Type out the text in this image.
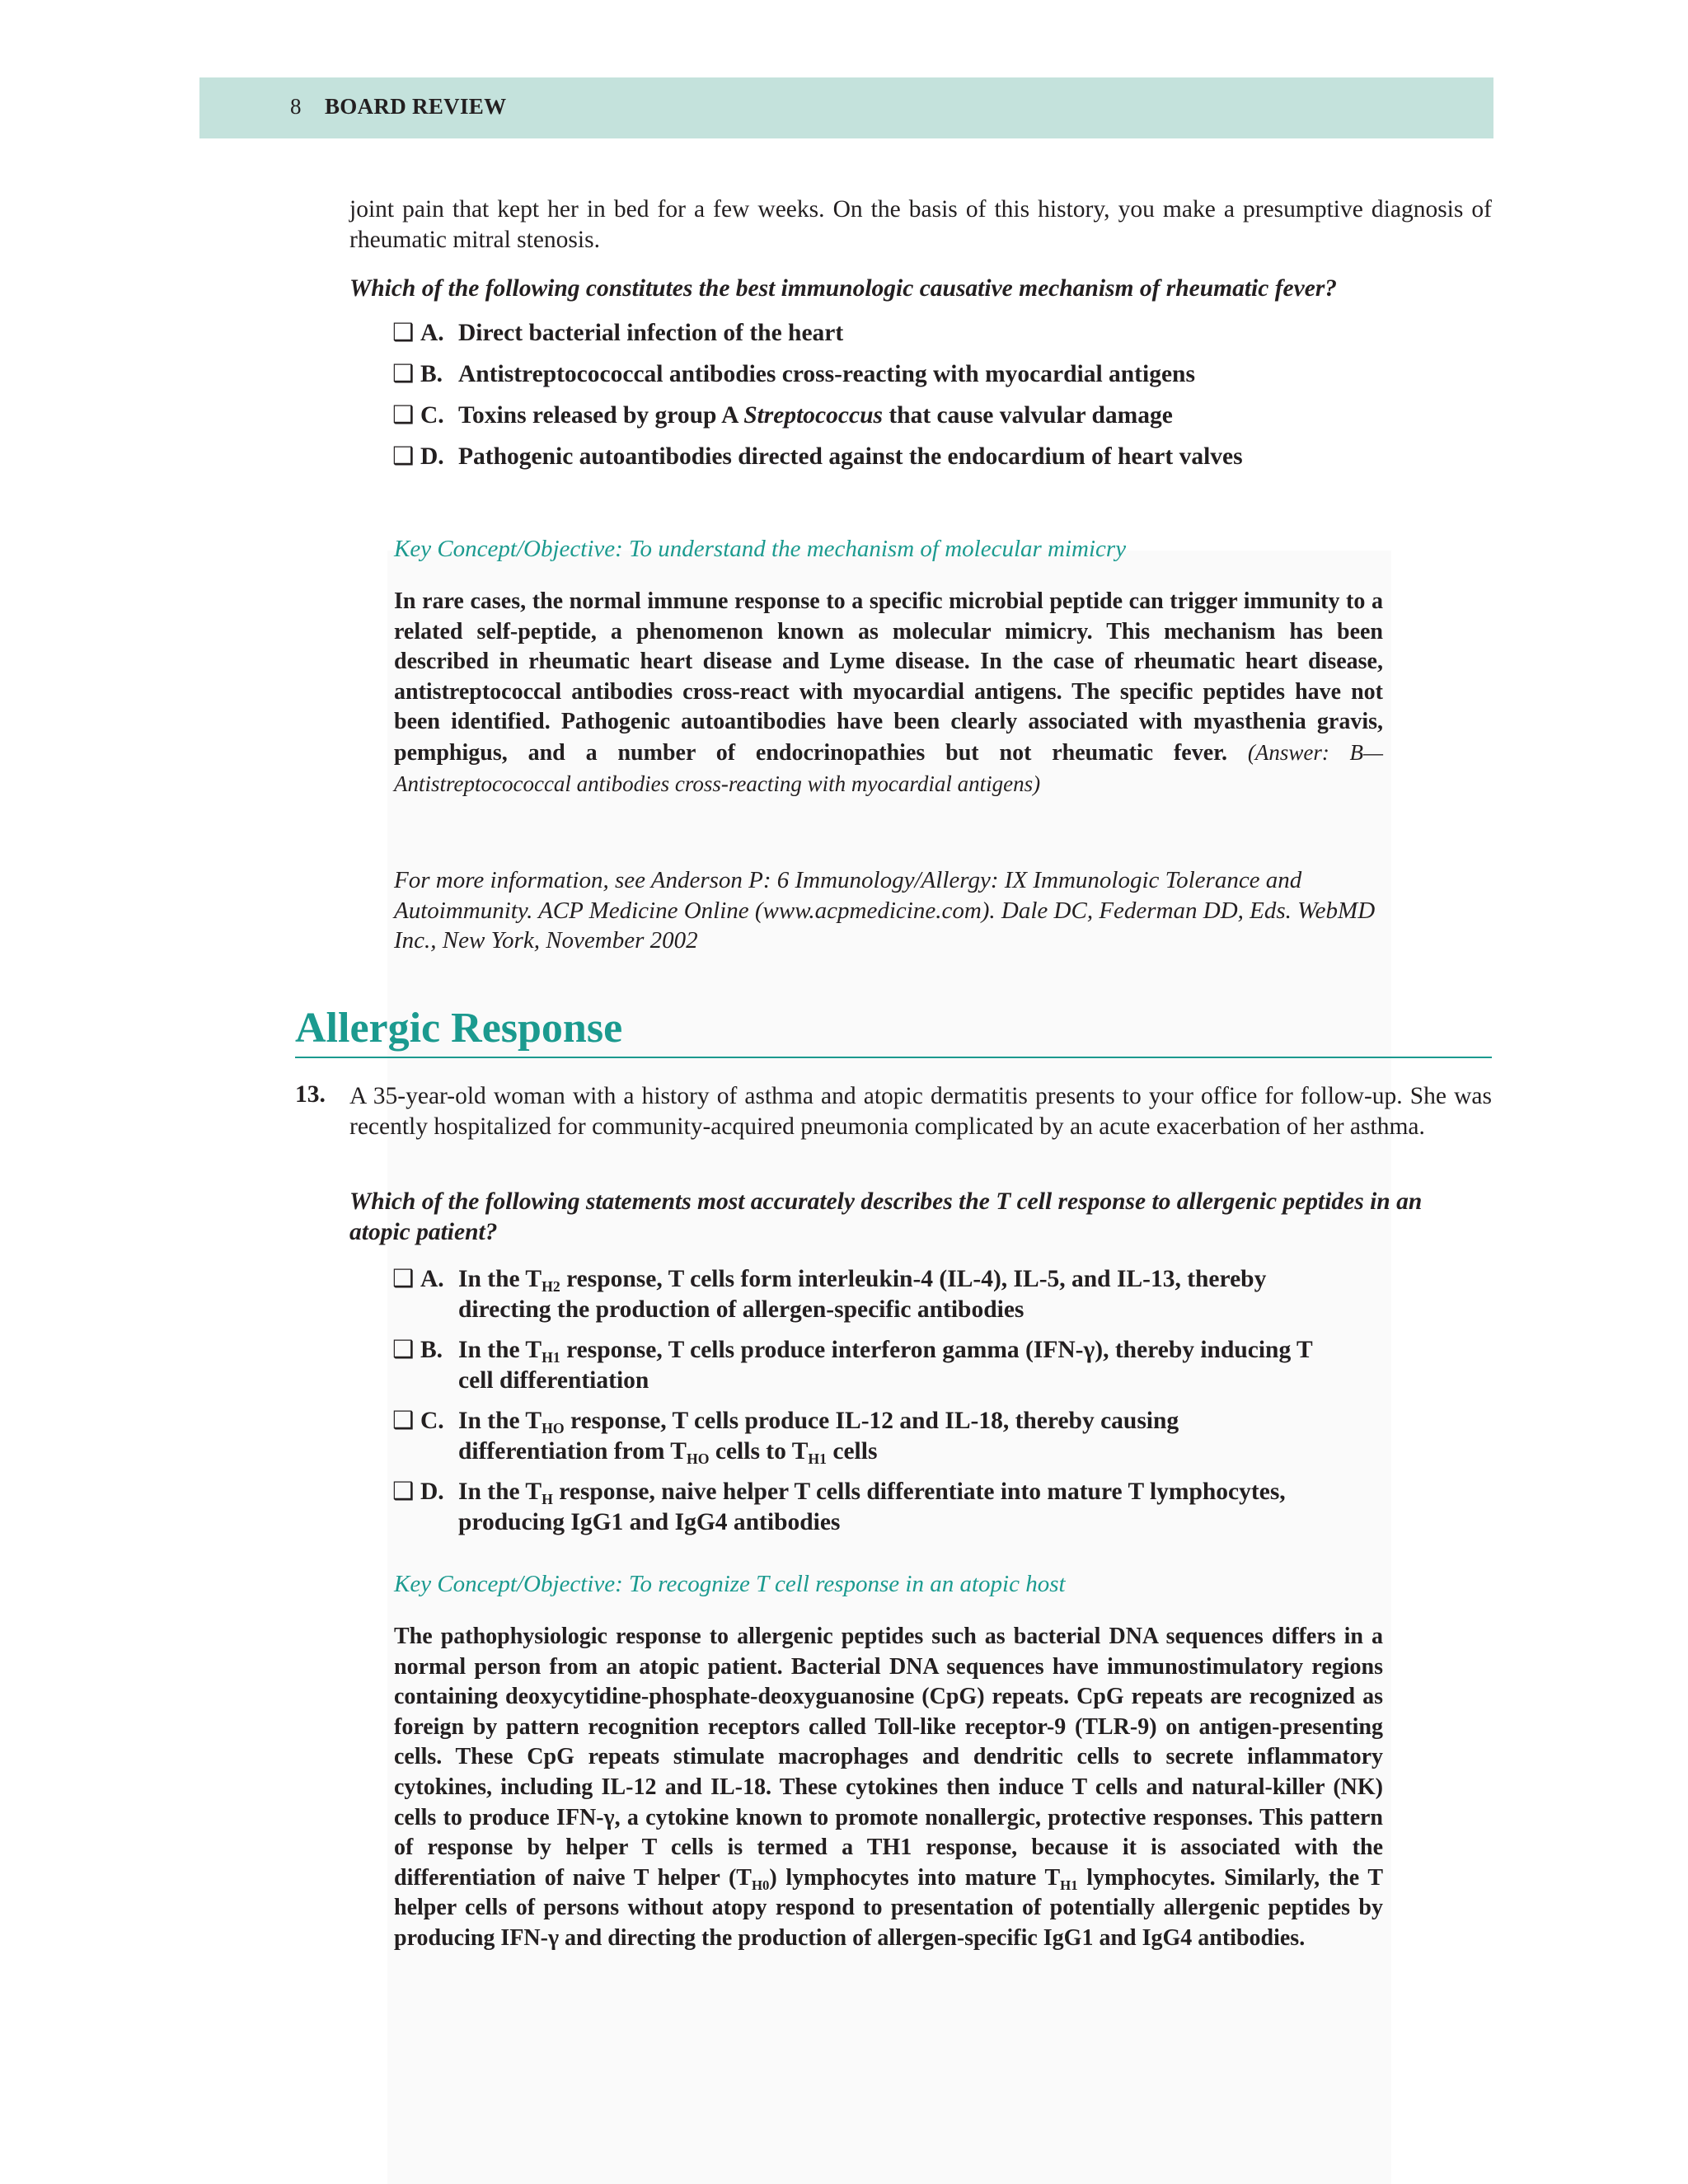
8 BOARD REVIEW
joint pain that kept her in bed for a few weeks. On the basis of this history, you make a presumptive diagnosis of rheumatic mitral stenosis.
Which of the following constitutes the best immunologic causative mechanism of rheumatic fever?
❑ A. Direct bacterial infection of the heart
❑ B. Antistreptocococcal antibodies cross-reacting with myocardial antigens
❑ C. Toxins released by group A Streptococcus that cause valvular damage
❑ D. Pathogenic autoantibodies directed against the endocardium of heart valves
Key Concept/Objective: To understand the mechanism of molecular mimicry
In rare cases, the normal immune response to a specific microbial peptide can trigger immunity to a related self-peptide, a phenomenon known as molecular mimicry. This mechanism has been described in rheumatic heart disease and Lyme disease. In the case of rheumatic heart disease, antistreptococcal antibodies cross-react with myocardial antigens. The specific peptides have not been identified. Pathogenic autoantibodies have been clearly associated with myasthenia gravis, pemphigus, and a number of endocrinopathies but not rheumatic fever. (Answer: B—Antistreptocococcal antibodies cross-reacting with myocardial antigens)
For more information, see Anderson P: 6 Immunology/Allergy: IX Immunologic Tolerance and Autoimmunity. ACP Medicine Online (www.acpmedicine.com). Dale DC, Federman DD, Eds. WebMD Inc., New York, November 2002
Allergic Response
13. A 35-year-old woman with a history of asthma and atopic dermatitis presents to your office for follow-up. She was recently hospitalized for community-acquired pneumonia complicated by an acute exacerbation of her asthma.
Which of the following statements most accurately describes the T cell response to allergenic peptides in an atopic patient?
❑ A. In the $T_{H2}$ response, T cells form interleukin-4 (IL-4), IL-5, and IL-13, thereby directing the production of allergen-specific antibodies
❑ B. In the $T_{H1}$ response, T cells produce interferon gamma (IFN-γ), thereby inducing T cell differentiation
❑ C. In the $T_{HO}$ response, T cells produce IL-12 and IL-18, thereby causing differentiation from $T_{HO}$ cells to $T_{H1}$ cells
❑ D. In the $T_H$ response, naive helper T cells differentiate into mature T lymphocytes, producing IgG1 and IgG4 antibodies
Key Concept/Objective: To recognize T cell response in an atopic host
The pathophysiologic response to allergenic peptides such as bacterial DNA sequences differs in a normal person from an atopic patient. Bacterial DNA sequences have immunostimulatory regions containing deoxycytidine-phosphate-deoxyguanosine (CpG) repeats. CpG repeats are recognized as foreign by pattern recognition receptors called Toll-like receptor-9 (TLR-9) on antigen-presenting cells. These CpG repeats stimulate macrophages and dendritic cells to secrete inflammatory cytokines, including IL-12 and IL-18. These cytokines then induce T cells and natural-killer (NK) cells to produce IFN-γ, a cytokine known to promote nonallergic, protective responses. This pattern of response by helper T cells is termed a TH1 response, because it is associated with the differentiation of naive T helper $(T_{H0})$ lymphocytes into mature $T_{H1}$ lymphocytes. Similarly, the T helper cells of persons without atopy respond to presentation of potentially allergenic peptides by producing IFN-γ and directing the production of allergen-specific IgG1 and IgG4 antibodies.
